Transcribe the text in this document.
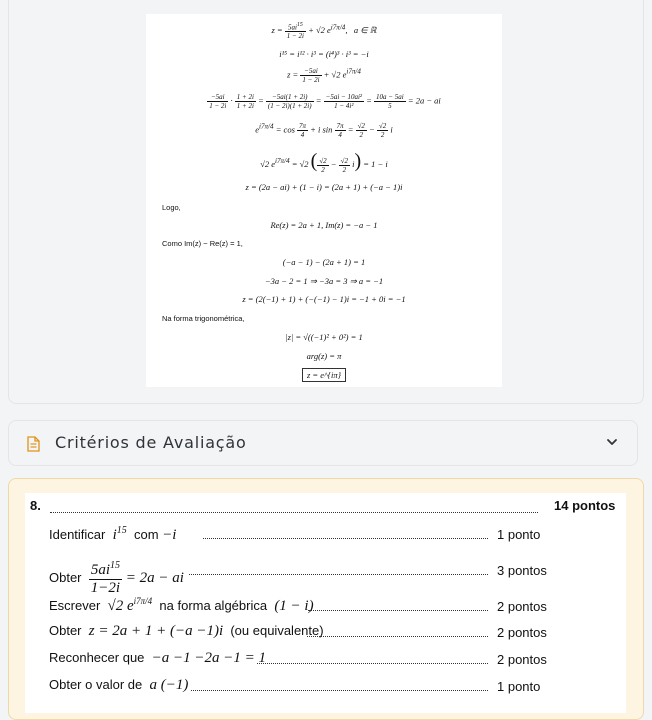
$z = \frac{5ai^{15}}{1 - 2i} + √2$ $e^{i7\pi/4}$,   a ∈ ℝ
i¹⁵ = i¹² · i³ = (i⁴)³ · i³ = −i
$z = \frac{-5ai}{1 - 2i} + √2$ $e^{i7\pi/4}$
$\frac{-5ai}{1 - 2i} \cdot \frac{1 + 2i}{1 + 2i} = \frac{-5ai(1 + 2i)}{(1 - 2i)(1 + 2i)} = \frac{\text{−5ai − 10ai²}}{\text{1 − 4i²}} = \frac{10a - 5ai}{5} = 2a$ − ai
$e^{i7\pi/4} = \cos \frac{7\pi}{4} + i$ $\sin \frac{7\pi}{4} = \frac{√2}{2} - \frac{√2}{2}$ i
√2 $e^{i7\pi/4} = √2$ ( $\frac{√2}{2} - \frac{√2}{2} i) = 1 - i$
z = (2a − ai) + (1 − i) = (2a + 1) + (−a − 1)i
Logo,
Re(z) = 2a + 1, Im(z) = −a − 1
Como Im(z) − Re(z) = 1,
(−a − 1) − (2a + 1) = 1
−3a − 2 = 1 ⇒ −3a = 3 ⇒ a = −1
z = (2(−1) + 1) + (−(−1) − 1)i = −1 + 0i = −1
Na forma trigonométrica,
|z| = √((−1)² + 0²) = 1
arg(z) = π
z = e^{iπ}
Critérios de Avaliação
8.	14 pontos
Identificar $i^{15}$  com −i	1 ponto
Obter $\frac{5ai^{15}}{1-2i} = 2a$ − ai	3 pontos
Escrever √2 $e^{i7\pi/4}$  na forma algébrica  (1 − i)	2 pontos
Obter z = 2a + 1 + (−a −1)i (ou equivalente)	2 pontos
Reconhecer que −a −1 −2a −1 = 1	2 pontos
Obter o valor de a (−1)	1 ponto
